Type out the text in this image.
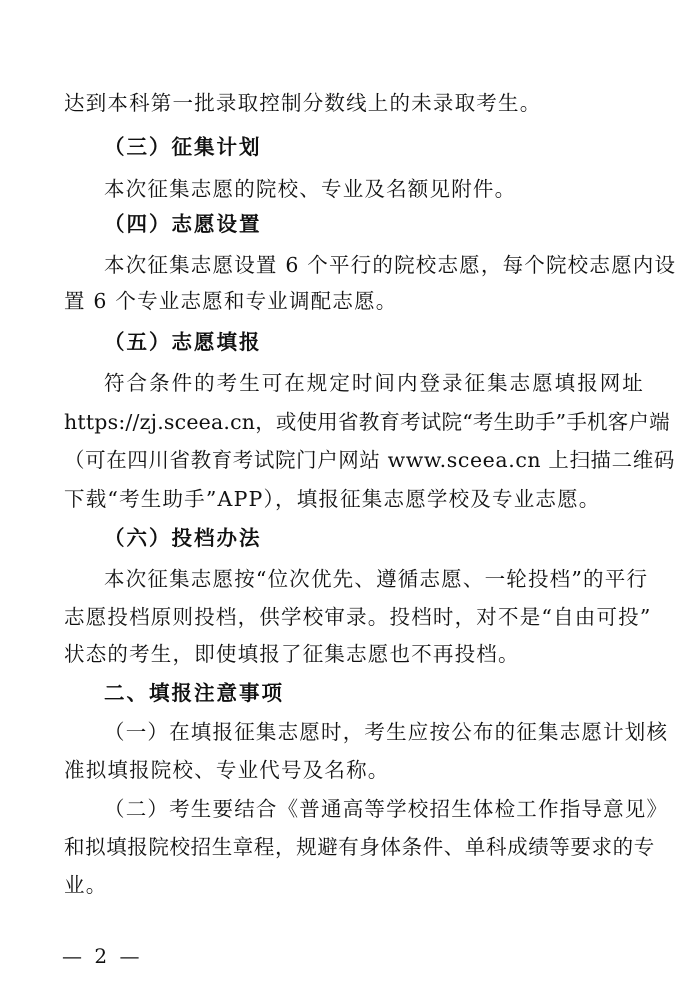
达到本科第一批录取控制分数线上的未录取考生。
（三）征集计划
本次征集志愿的院校、专业及名额见附件。
（四）志愿设置
本次征集志愿设置 6 个平行的院校志愿，每个院校志愿内设
置 6 个专业志愿和专业调配志愿。
（五）志愿填报
符合条件的考生可在规定时间内登录征集志愿填报网址
https://zj.sceea.cn，或使用省教育考试院“考生助手”手机客户端
（可在四川省教育考试院门户网站 www.sceea.cn 上扫描二维码
下载“考生助手”APP），填报征集志愿学校及专业志愿。
（六）投档办法
本次征集志愿按“位次优先、遵循志愿、一轮投档”的平行
志愿投档原则投档，供学校审录。投档时，对不是“自由可投”
状态的考生，即使填报了征集志愿也不再投档。
二、填报注意事项
（一）在填报征集志愿时，考生应按公布的征集志愿计划核
准拟填报院校、专业代号及名称。
（二）考生要结合《普通高等学校招生体检工作指导意见》
和拟填报院校招生章程，规避有身体条件、单科成绩等要求的专
业。
— 2 —
